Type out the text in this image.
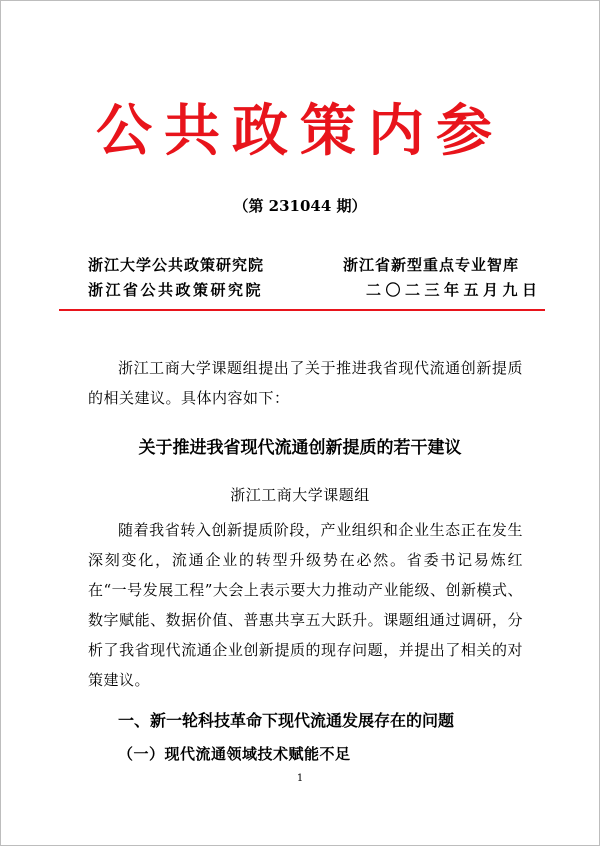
公共政策内参
（第 231044 期）
浙江大学公共政策研究院
浙江省公共政策研究院
浙江省新型重点专业智库
二〇二三年五月九日

浙江工商大学课题组提出了关于推进我省现代流通创新提质的相关建议。具体内容如下：

关于推进我省现代流通创新提质的若干建议
浙江工商大学课题组

随着我省转入创新提质阶段，产业组织和企业生态正在发生深刻变化，流通企业的转型升级势在必然。省委书记易炼红在“一号发展工程”大会上表示要大力推动产业能级、创新模式、数字赋能、数据价值、普惠共享五大跃升。课题组通过调研，分析了我省现代流通企业创新提质的现存问题，并提出了相关的对策建议。

一、新一轮科技革命下现代流通发展存在的问题
（一）现代流通领域技术赋能不足
1
